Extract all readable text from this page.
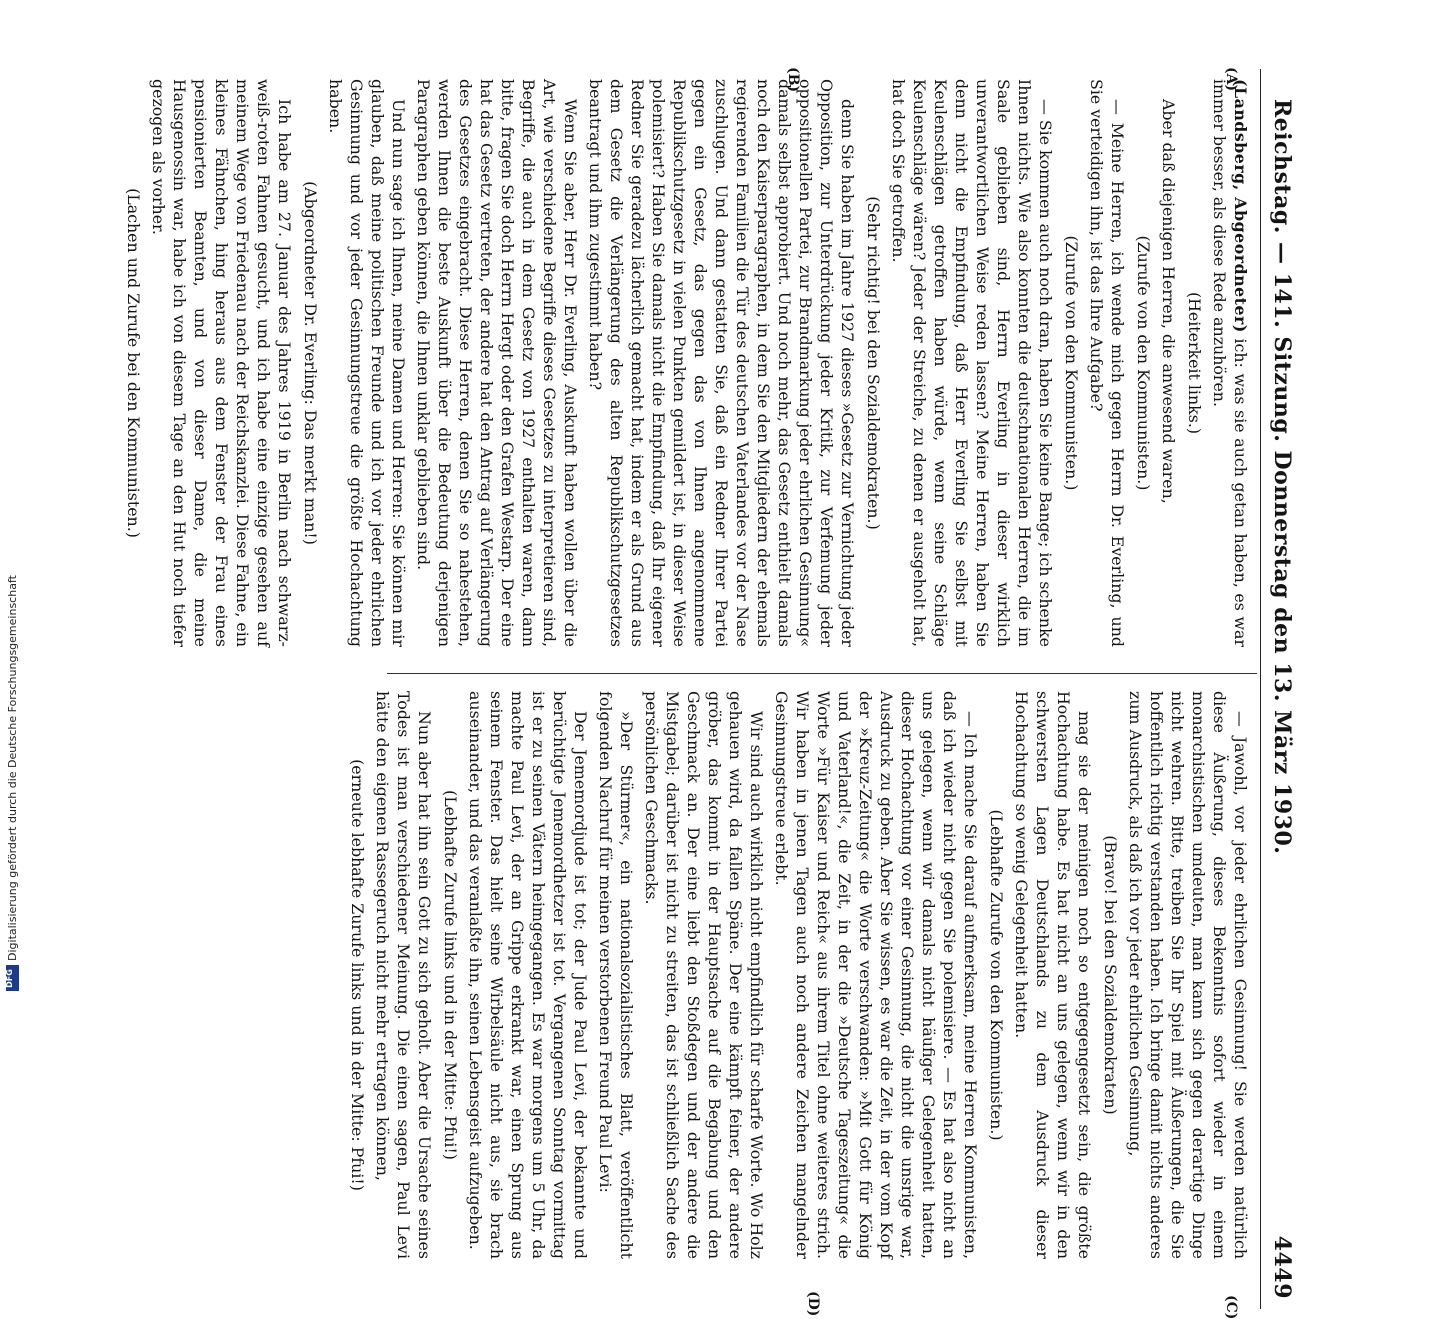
Reichstag. — 141. Sitzung. Donnerstag den 13. März 1930.
4449
(A)
(B)
(C)
(D)

(Landsberg, Abgeordneter) ich: was sie auch getan haben, es war immer besser, als diese Rede anzuhören.

(Heiterkeit links.)

Aber daß diejenigen Herren, die anwesend waren,

(Zurufe von den Kommunisten.)

— Meine Herren, ich wende mich gegen Herrn Dr. Everling, und Sie verteidigen ihn, ist das Ihre Aufgabe?

(Zurufe von den Kommunisten.)

— Sie kommen auch noch dran, haben Sie keine Bange; ich schenke Ihnen nichts. Wie also konnten die deutschnationalen Herren, die im Saale geblieben sind, Herrn Everling in dieser wirklich unverantwortlichen Weise reden lassen? Meine Herren, haben Sie denn nicht die Empfindung, daß Herr Everling Sie selbst mit Keulenschlägen getroffen haben würde, wenn seine Schläge Keulenschläge wären? Jeder der Streiche, zu denen er ausgeholt hat, hat doch Sie getroffen.

(Sehr richtig! bei den Sozialdemokraten.)

denn Sie haben im Jahre 1927 dieses »Gesetz zur Vernichtung jeder Opposition, zur Unterdrückung jeder Kritik, zur Verfemung jeder oppositionellen Partei, zur Brandmarkung jeder ehrlichen Gesinnung« damals selbst approbiert. Und noch mehr, das Gesetz enthielt damals noch den Kaiserparagraphen, in dem Sie den Mitgliedern der ehemals regierenden Familien die Tür des deutschen Vaterlandes vor der Nase zuschlugen. Und dann gestatten Sie, daß ein Redner Ihrer Partei gegen ein Gesetz, das gegen das von Ihnen angenommene Republikschutzgesetz in vielen Punkten gemildert ist, in dieser Weise polemisiert? Haben Sie damals nicht die Empfindung, daß Ihr eigener Redner Sie geradezu lächerlich gemacht hat, indem er als Grund aus dem Gesetz die Verlängerung des alten Republikschutzgesetzes beantragt und ihm zugestimmt haben?

Wenn Sie aber, Herr Dr. Everling, Auskunft haben wollen über die Art, wie verschiedene Begriffe dieses Gesetzes zu interpretieren sind, Begriffe, die auch in dem Gesetz von 1927 enthalten waren, dann bitte, fragen Sie doch Herrn Hergt oder den Grafen Westarp. Der eine hat das Gesetz vertreten, der andere hat den Antrag auf Verlängerung des Gesetzes eingebracht. Diese Herren, denen Sie so nahestehen, werden Ihnen die beste Auskunft über die Bedeutung derjenigen Paragraphen geben können, die Ihnen unklar geblieben sind.

Und nun sage ich Ihnen, meine Damen und Herren: Sie können mir glauben, daß meine politischen Freunde und ich vor jeder ehrlichen Gesinnung und vor jeder Gesinnungstreue die größte Hochachtung haben.

(Abgeordneter Dr. Everling: Das merkt man!)

Ich habe am 27. Januar des Jahres 1919 in Berlin nach schwarz-weiß-roten Fahnen gesucht, und ich habe eine einzige gesehen auf meinem Wege von Friedenau nach der Reichskanzlei. Diese Fahne, ein kleines Fähnchen, hing heraus aus dem Fenster der Frau eines pensionierten Beamten, und von dieser Dame, die meine Hausgenossin war, habe ich von diesem Tage an den Hut noch tiefer gezogen als vorher.

(Lachen und Zurufe bei den Kommunisten.)

— Jawohl, vor jeder ehrlichen Gesinnung! Sie werden natürlich diese Äußerung, dieses Bekenntnis sofort wieder in einem monarchistischen umdeuten, man kann sich gegen derartige Dinge nicht wehren. Bitte, treiben Sie Ihr Spiel mit Äußerungen, die Sie hoffentlich richtig verstanden haben. Ich bringe damit nichts anderes zum Ausdruck, als daß ich vor jeder ehrlichen Gesinnung,

(Bravo! bei den Sozialdemokraten)

mag sie der meinigen noch so entgegengesetzt sein, die größte Hochachtung habe. Es hat nicht an uns gelegen, wenn wir in den schwersten Lagen Deutschlands zu dem Ausdruck dieser Hochachtung so wenig Gelegenheit hatten.

(Lebhafte Zurufe von den Kommunisten.)

— Ich mache Sie darauf aufmerksam, meine Herren Kommunisten, daß ich wieder nicht gegen Sie polemisiere. — Es hat also nicht an uns gelegen, wenn wir damals nicht häufiger Gelegenheit hatten, dieser Hochachtung vor einer Gesinnung, die nicht die unsrige war, Ausdruck zu geben. Aber Sie wissen, es war die Zeit, in der vom Kopf der »Kreuz-Zeitung« die Worte verschwanden: »Mit Gott für König und Vaterland!«, die Zeit, in der die »Deutsche Tageszeitung« die Worte »Für Kaiser und Reich« aus ihrem Titel ohne weiteres strich. Wir haben in jenen Tagen auch noch andere Zeichen mangelnder Gesinnungstreue erlebt.

Wir sind auch wirklich nicht empfindlich für scharfe Worte. Wo Holz gehauen wird, da fallen Späne. Der eine kämpft feiner, der andere gröber, das kommt in der Hauptsache auf die Begabung und den Geschmack an. Der eine liebt den Stoßdegen und der andere die Mistgabel; darüber ist nicht zu streiten, das ist schließlich Sache des persönlichen Geschmacks.

»Der Stürmer«, ein nationalsozialistisches Blatt, veröffentlicht folgenden Nachruf für meinen verstorbenen Freund Paul Levi:

Der Jememordjude ist tot; der Jude Paul Levi, der bekannte und berüchtigte Jememordhetzer ist tot. Vergangenen Sonntag vormittag ist er zu seinen Vätern heimgegangen. Es war morgens um 5 Uhr, da machte Paul Levi, der an Grippe erkrankt war, einen Sprung aus seinem Fenster. Das hielt seine Wirbelsäule nicht aus, sie brach auseinander, und das veranlaßte ihn, seinen Lebensgeist aufzugeben.

(Lebhafte Zurufe links und in der Mitte: Pfui!)

Nun aber hat ihn sein Gott zu sich geholt. Aber die Ursache seines Todes ist man verschiedener Meinung. Die einen sagen, Paul Levi hätte den eigenen Rassegeruch nicht mehr ertragen können,

(erneute lebhafte Zurufe links und in der Mitte: Pfui!)

Digitalisierung gefördert durch die Deutsche Forschungsgemeinschaft
DFG
